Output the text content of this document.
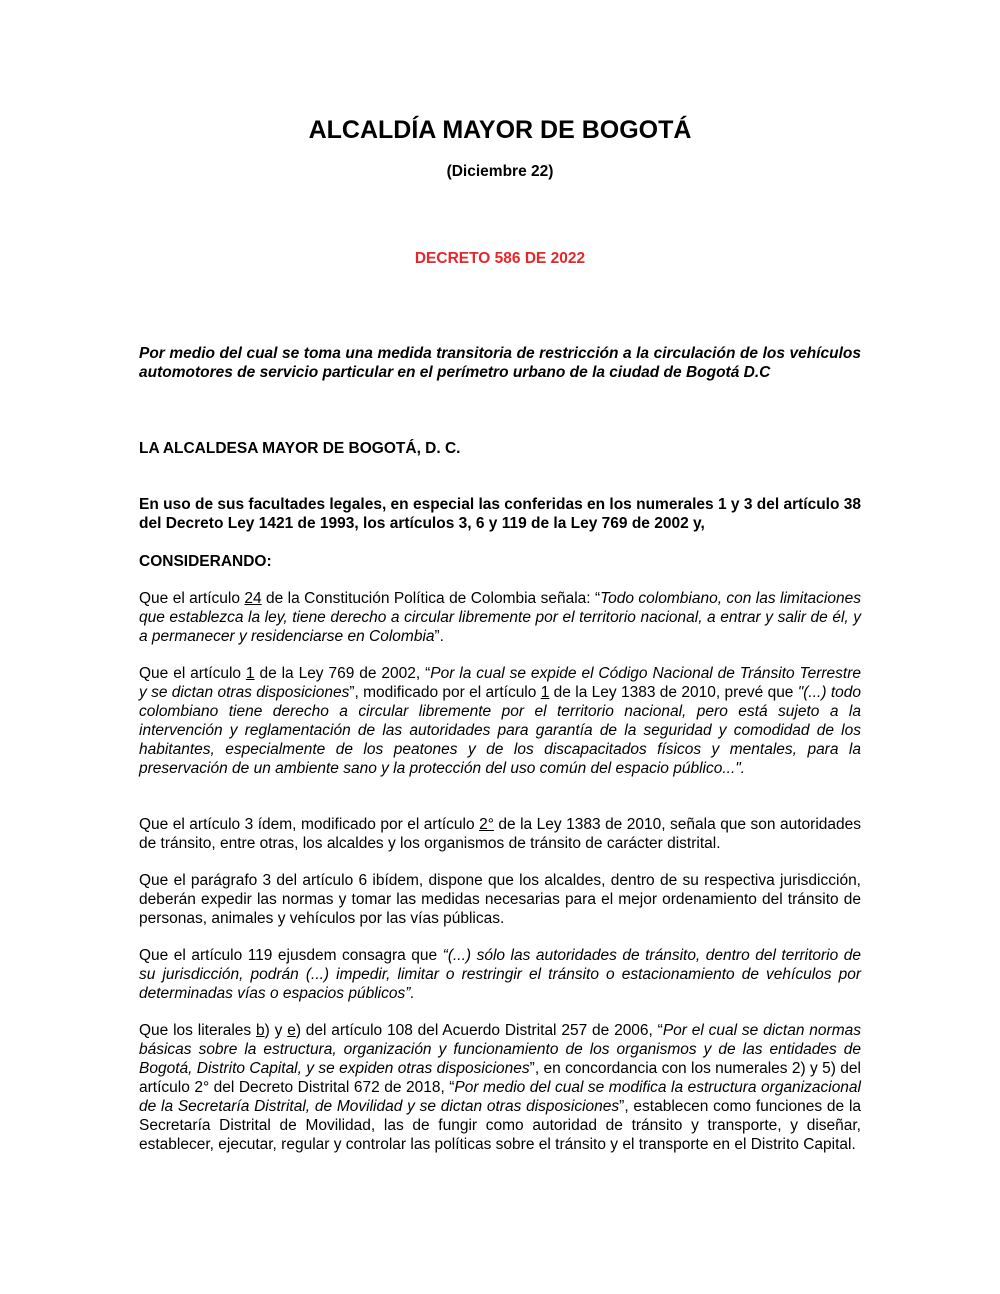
ALCALDÍA MAYOR DE BOGOTÁ
(Diciembre 22)
DECRETO 586 DE 2022
Por medio del cual se toma una medida transitoria de restricción a la circulación de los vehículos automotores de servicio particular en el perímetro urbano de la ciudad de Bogotá D.C
LA ALCALDESA MAYOR DE BOGOTÁ, D. C.
En uso de sus facultades legales, en especial las conferidas en los numerales 1 y 3 del artículo 38 del Decreto Ley 1421 de 1993, los artículos 3, 6 y 119 de la Ley 769 de 2002 y,
CONSIDERANDO:
Que el artículo 24 de la Constitución Política de Colombia señala: “Todo colombiano, con las limitaciones que establezca la ley, tiene derecho a circular libremente por el territorio nacional, a entrar y salir de él, y a permanecer y residenciarse en Colombia”.
Que el artículo 1 de la Ley 769 de 2002, “Por la cual se expide el Código Nacional de Tránsito Terrestre y se dictan otras disposiciones”, modificado por el artículo 1 de la Ley 1383 de 2010, prevé que "(...) todo colombiano tiene derecho a circular libremente por el territorio nacional, pero está sujeto a la intervención y reglamentación de las autoridades para garantía de la seguridad y comodidad de los habitantes, especialmente de los peatones y de los discapacitados físicos y mentales, para la preservación de un ambiente sano y la protección del uso común del espacio público...".
Que el artículo 3 ídem, modificado por el artículo 2° de la Ley 1383 de 2010, señala que son autoridades de tránsito, entre otras, los alcaldes y los organismos de tránsito de carácter distrital.
Que el parágrafo 3 del artículo 6 ibídem, dispone que los alcaldes, dentro de su respectiva jurisdicción, deberán expedir las normas y tomar las medidas necesarias para el mejor ordenamiento del tránsito de personas, animales y vehículos por las vías públicas.
Que el artículo 119 ejusdem consagra que “(...) sólo las autoridades de tránsito, dentro del territorio de su jurisdicción, podrán (...) impedir, limitar o restringir el tránsito o estacionamiento de vehículos por determinadas vías o espacios públicos”.
Que los literales b) y e) del artículo 108 del Acuerdo Distrital 257 de 2006, “Por el cual se dictan normas básicas sobre la estructura, organización y funcionamiento de los organismos y de las entidades de Bogotá, Distrito Capital, y se expiden otras disposiciones”, en concordancia con los numerales 2) y 5) del artículo 2° del Decreto Distrital 672 de 2018, “Por medio del cual se modifica la estructura organizacional de la Secretaría Distrital, de Movilidad y se dictan otras disposiciones”, establecen como funciones de la Secretaría Distrital de Movilidad, las de fungir como autoridad de tránsito y transporte, y diseñar, establecer, ejecutar, regular y controlar las políticas sobre el tránsito y el transporte en el Distrito Capital.
